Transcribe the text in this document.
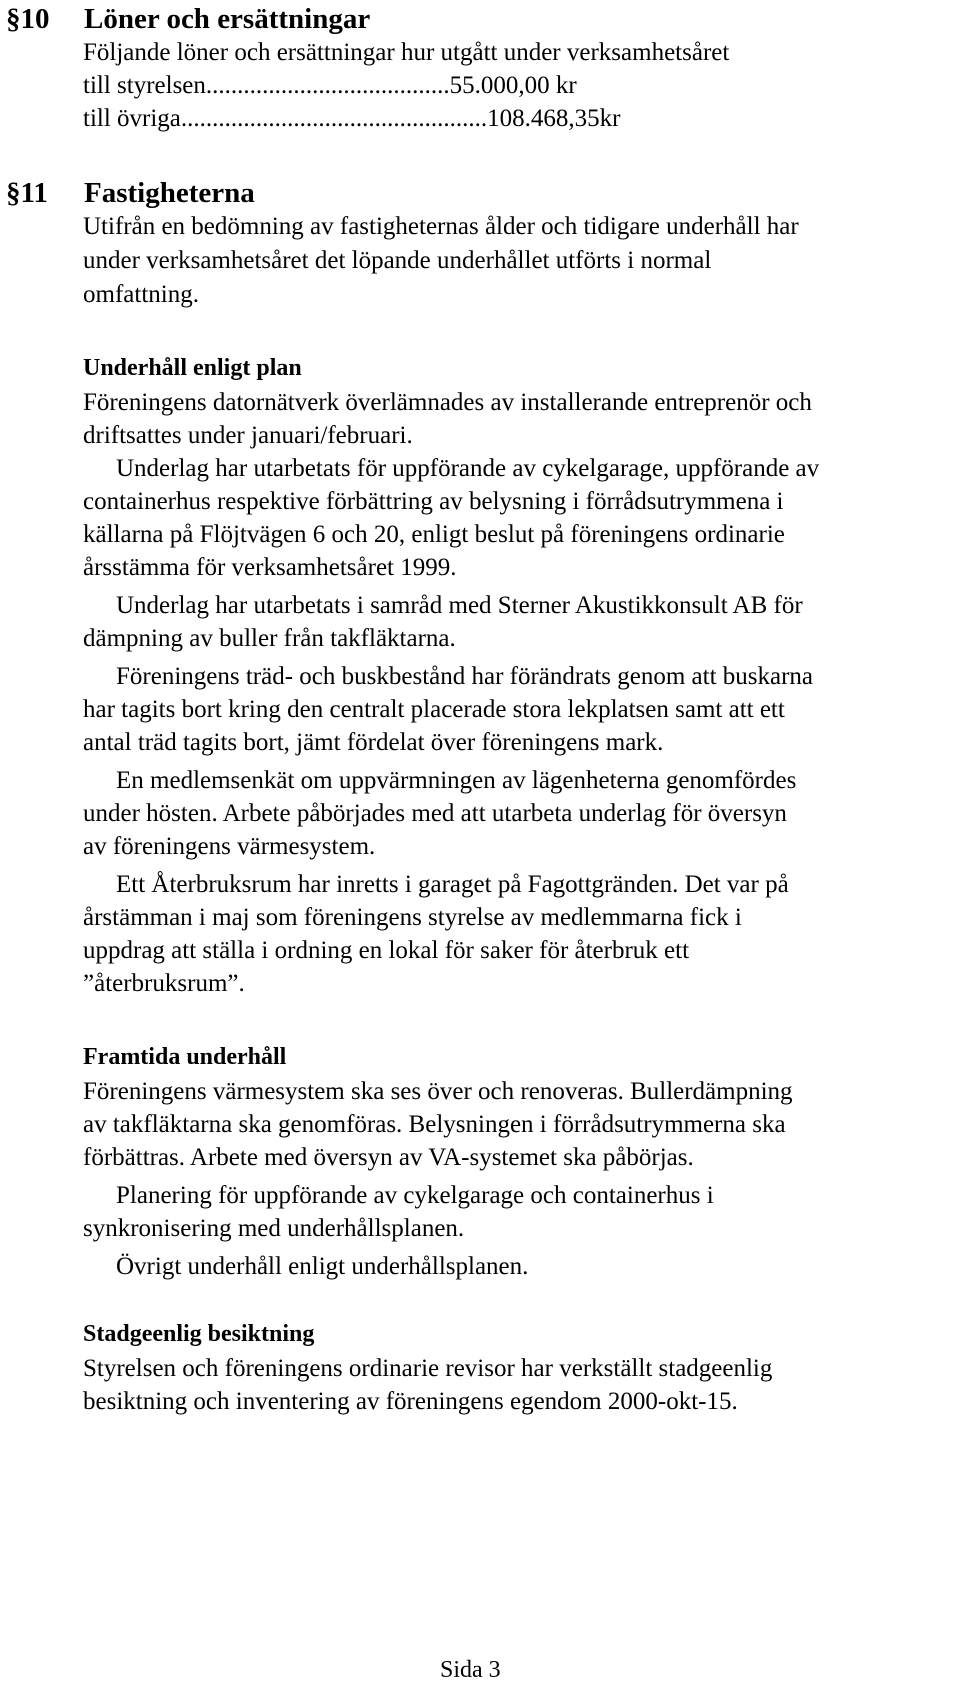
§10 Löner och ersättningar
Följande löner och ersättningar hur utgått under verksamhetsåret
till styrelsen.......................................55.000,00 kr
till övriga.................................................108.468,35kr
§11 Fastigheterna
Utifrån en bedömning av fastigheternas ålder och tidigare underhåll har
under verksamhetsåret det löpande underhållet utförts i normal
omfattning.
Underhåll enligt plan
Föreningens datornätverk överlämnades av installerande entreprenör och
driftsattes under januari/februari.
Underlag har utarbetats för uppförande av cykelgarage, uppförande av
containerhus respektive förbättring av belysning i förrådsutrymmena i
källarna på Flöjtvägen 6 och 20, enligt beslut på föreningens ordinarie
årsstämma för verksamhetsåret 1999.
Underlag har utarbetats i samråd med Sterner Akustikkonsult AB för
dämpning av buller från takfläktarna.
Föreningens träd- och buskbestånd har förändrats genom att buskarna
har tagits bort kring den centralt placerade stora lekplatsen samt att ett
antal träd tagits bort, jämt fördelat över föreningens mark.
En medlemsenkät om uppvärmningen av lägenheterna genomfördes
under hösten. Arbete påbörjades med att utarbeta underlag för översyn
av föreningens värmesystem.
Ett Återbruksrum har inretts i garaget på Fagottgränden. Det var på
årstämman i maj som föreningens styrelse av medlemmarna fick i
uppdrag att ställa i ordning en lokal för saker för återbruk ett
”återbruksrum”.
Framtida underhåll
Föreningens värmesystem ska ses över och renoveras. Bullerdämpning
av takfläktarna ska genomföras. Belysningen i förrådsutrymmerna ska
förbättras. Arbete med översyn av VA-systemet ska påbörjas.
Planering för uppförande av cykelgarage och containerhus i
synkronisering med underhållsplanen.
Övrigt underhåll enligt underhållsplanen.
Stadgeenlig besiktning
Styrelsen och föreningens ordinarie revisor har verkställt stadgeenlig
besiktning och inventering av föreningens egendom 2000-okt-15.
Sida 3
